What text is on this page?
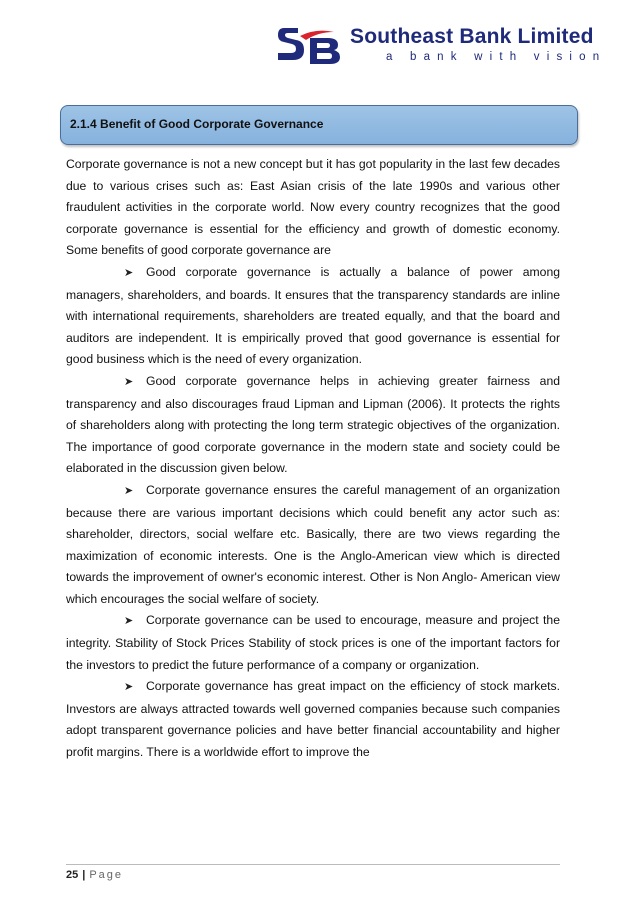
Southeast Bank Limited
a bank with vision
2.1.4 Benefit of Good Corporate Governance

Corporate governance is not a new concept but it has got popularity in the last few decades due to various crises such as: East Asian crisis of the late 1990s and various other fraudulent activities in the corporate world. Now every country recognizes that the good corporate governance is essential for the efficiency and growth of domestic economy. Some benefits of good corporate governance are

➤ Good corporate governance is actually a balance of power among managers, shareholders, and boards. It ensures that the transparency standards are inline with international requirements, shareholders are treated equally, and that the board and auditors are independent. It is empirically proved that good governance is essential for good business which is the need of every organization.

➤ Good corporate governance helps in achieving greater fairness and transparency and also discourages fraud Lipman and Lipman (2006). It protects the rights of shareholders along with protecting the long term strategic objectives of the organization. The importance of good corporate governance in the modern state and society could be elaborated in the discussion given below.

➤ Corporate governance ensures the careful management of an organization because there are various important decisions which could benefit any actor such as: shareholder, directors, social welfare etc. Basically, there are two views regarding the maximization of economic interests. One is the Anglo-American view which is directed towards the improvement of owner's economic interest. Other is Non Anglo- American view which encourages the social welfare of society.

➤ Corporate governance can be used to encourage, measure and project the integrity. Stability of Stock Prices Stability of stock prices is one of the important factors for the investors to predict the future performance of a company or organization.

➤ Corporate governance has great impact on the efficiency of stock markets. Investors are always attracted towards well governed companies because such companies adopt transparent governance policies and have better financial accountability and higher profit margins. There is a worldwide effort to improve the

25 | Page
